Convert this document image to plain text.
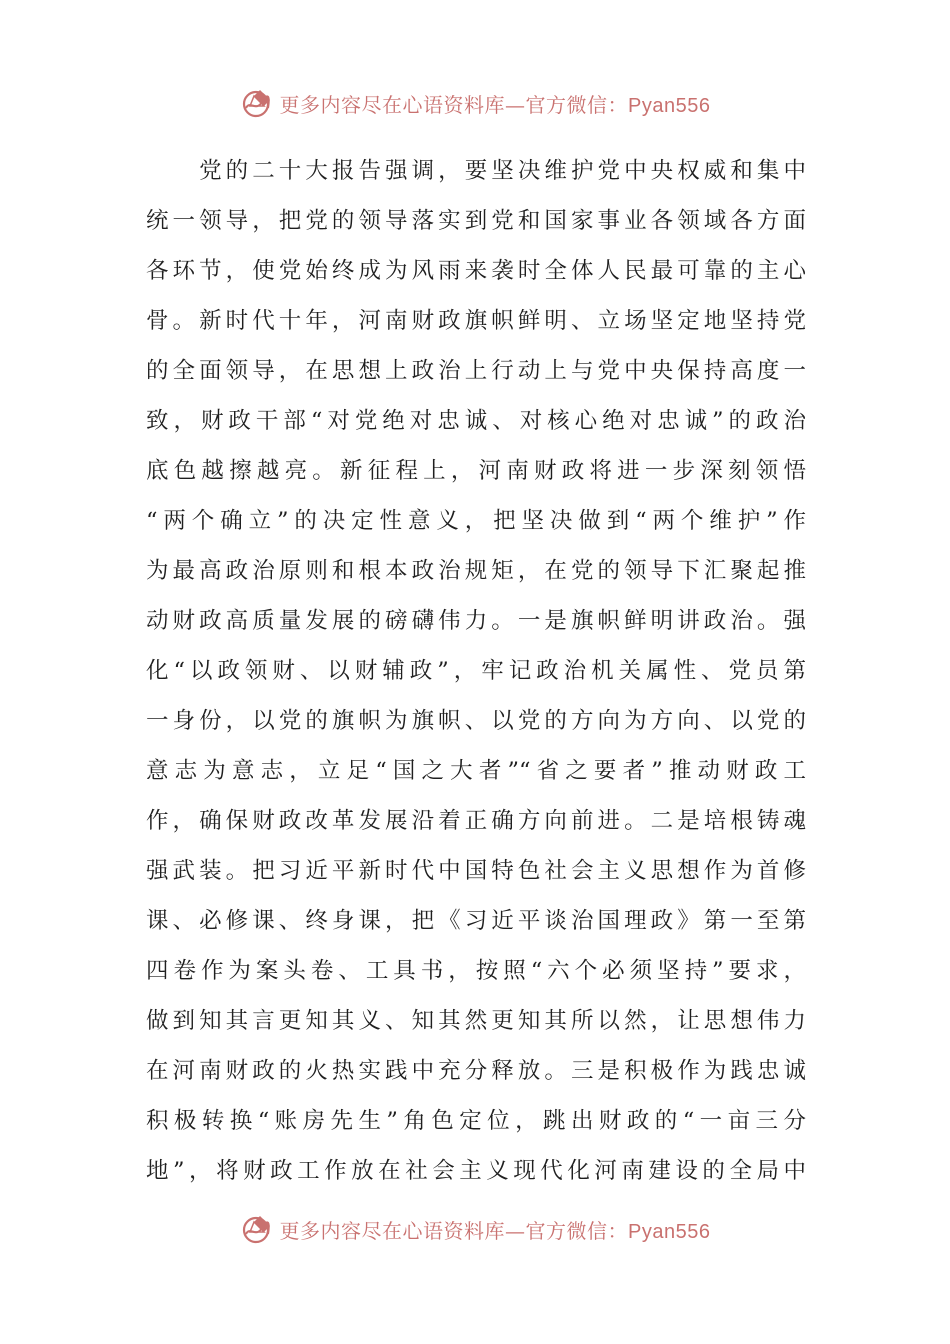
更多内容尽在心语资料库—官方微信：Pyan556
　　党的二十大报告强调，要坚决维护党中央权威和集中
统一领导，把党的领导落实到党和国家事业各领域各方面
各环节，使党始终成为风雨来袭时全体人民最可靠的主心
骨。新时代十年，河南财政旗帜鲜明、立场坚定地坚持党
的全面领导，在思想上政治上行动上与党中央保持高度一
致，财政干部“对党绝对忠诚、对核心绝对忠诚”的政治
底色越擦越亮。新征程上，河南财政将进一步深刻领悟
“两个确立”的决定性意义，把坚决做到“两个维护”作
为最高政治原则和根本政治规矩，在党的领导下汇聚起推
动财政高质量发展的磅礴伟力。一是旗帜鲜明讲政治。强
化“以政领财、以财辅政”，牢记政治机关属性、党员第
一身份，以党的旗帜为旗帜、以党的方向为方向、以党的
意志为意志，立足“国之大者”“省之要者”推动财政工
作，确保财政改革发展沿着正确方向前进。二是培根铸魂
强武装。把习近平新时代中国特色社会主义思想作为首修
课、必修课、终身课，把《习近平谈治国理政》第一至第
四卷作为案头卷、工具书，按照“六个必须坚持”要求，
做到知其言更知其义、知其然更知其所以然，让思想伟力
在河南财政的火热实践中充分释放。三是积极作为践忠诚
积极转换“账房先生”角色定位，跳出财政的“一亩三分
地”，将财政工作放在社会主义现代化河南建设的全局中
更多内容尽在心语资料库—官方微信：Pyan556
